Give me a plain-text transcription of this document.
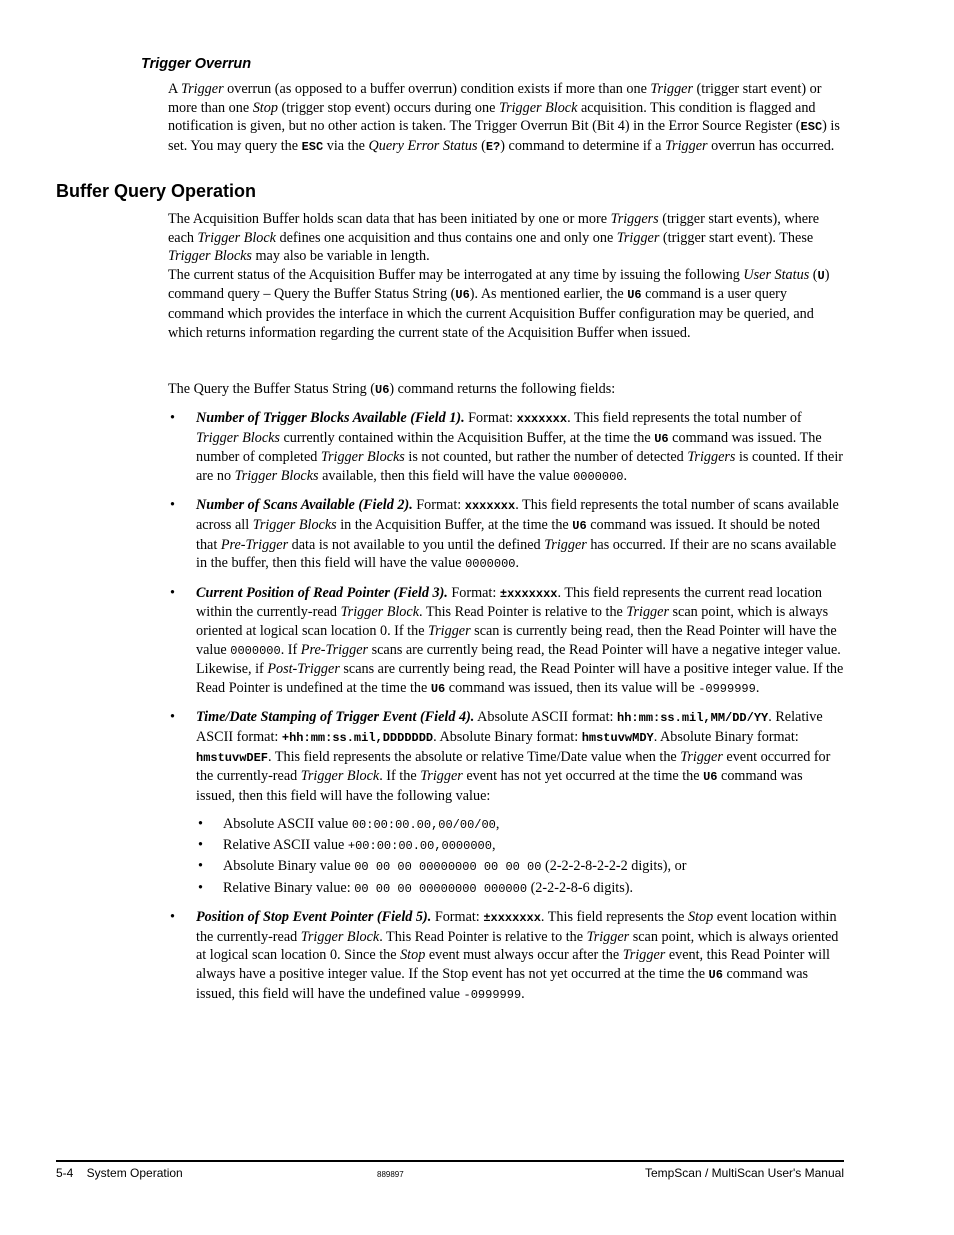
Trigger Overrun

A Trigger overrun (as opposed to a buffer overrun) condition exists if more than one Trigger (trigger start event) or more than one Stop (trigger stop event) occurs during one Trigger Block acquisition. This condition is flagged and notification is given, but no other action is taken. The Trigger Overrun Bit (Bit 4) in the Error Source Register (ESC) is set. You may query the ESC via the Query Error Status (E?) command to determine if a Trigger overrun has occurred.

Buffer Query Operation

The Acquisition Buffer holds scan data that has been initiated by one or more Triggers (trigger start events), where each Trigger Block defines one acquisition and thus contains one and only one Trigger (trigger start event). These Trigger Blocks may also be variable in length.
The current status of the Acquisition Buffer may be interrogated at any time by issuing the following User Status (U) command query – Query the Buffer Status String (U6). As mentioned earlier, the U6 command is a user query command which provides the interface in which the current Acquisition Buffer configuration may be queried, and which returns information regarding the current state of the Acquisition Buffer when issued.

The Query the Buffer Status String (U6) command returns the following fields:

• Number of Trigger Blocks Available (Field 1). Format: xxxxxxx. This field represents the total number of Trigger Blocks currently contained within the Acquisition Buffer, at the time the U6 command was issued. The number of completed Trigger Blocks is not counted, but rather the number of detected Triggers is counted. If their are no Trigger Blocks available, then this field will have the value 0000000.
• Number of Scans Available (Field 2). Format: xxxxxxx. This field represents the total number of scans available across all Trigger Blocks in the Acquisition Buffer, at the time the U6 command was issued. It should be noted that Pre-Trigger data is not available to you until the defined Trigger has occurred. If their are no scans available in the buffer, then this field will have the value 0000000.
• Current Position of Read Pointer (Field 3). Format: ±xxxxxxx. This field represents the current read location within the currently-read Trigger Block. This Read Pointer is relative to the Trigger scan point, which is always oriented at logical scan location 0. If the Trigger scan is currently being read, then the Read Pointer will have the value 0000000. If Pre-Trigger scans are currently being read, the Read Pointer will have a negative integer value. Likewise, if Post-Trigger scans are currently being read, the Read Pointer will have a positive integer value. If the Read Pointer is undefined at the time the U6 command was issued, then its value will be -0999999.
• Time/Date Stamping of Trigger Event (Field 4). Absolute ASCII format: hh:mm:ss.mil,MM/DD/YY. Relative ASCII format: +hh:mm:ss.mil,DDDDDDD. Absolute Binary format: hmstuvwMDY. Absolute Binary format: hmstuvwDEF. This field represents the absolute or relative Time/Date value when the Trigger event occurred for the currently-read Trigger Block. If the Trigger event has not yet occurred at the time the U6 command was issued, then this field will have the following value:
• Absolute ASCII value 00:00:00.00,00/00/00,
• Relative ASCII value +00:00:00.00,0000000,
• Absolute Binary value 00 00 00 00000000 00 00 00 (2-2-2-8-2-2-2 digits), or
• Relative Binary value: 00 00 00 00000000 000000 (2-2-2-8-6 digits).
• Position of Stop Event Pointer (Field 5). Format: ±xxxxxxx. This field represents the Stop event location within the currently-read Trigger Block. This Read Pointer is relative to the Trigger scan point, which is always oriented at logical scan location 0. Since the Stop event must always occur after the Trigger event, this Read Pointer will always have a positive integer value. If the Stop event has not yet occurred at the time the U6 command was issued, this field will have the undefined value -0999999.
5-4    System Operation	889897	TempScan / MultiScan User's Manual
